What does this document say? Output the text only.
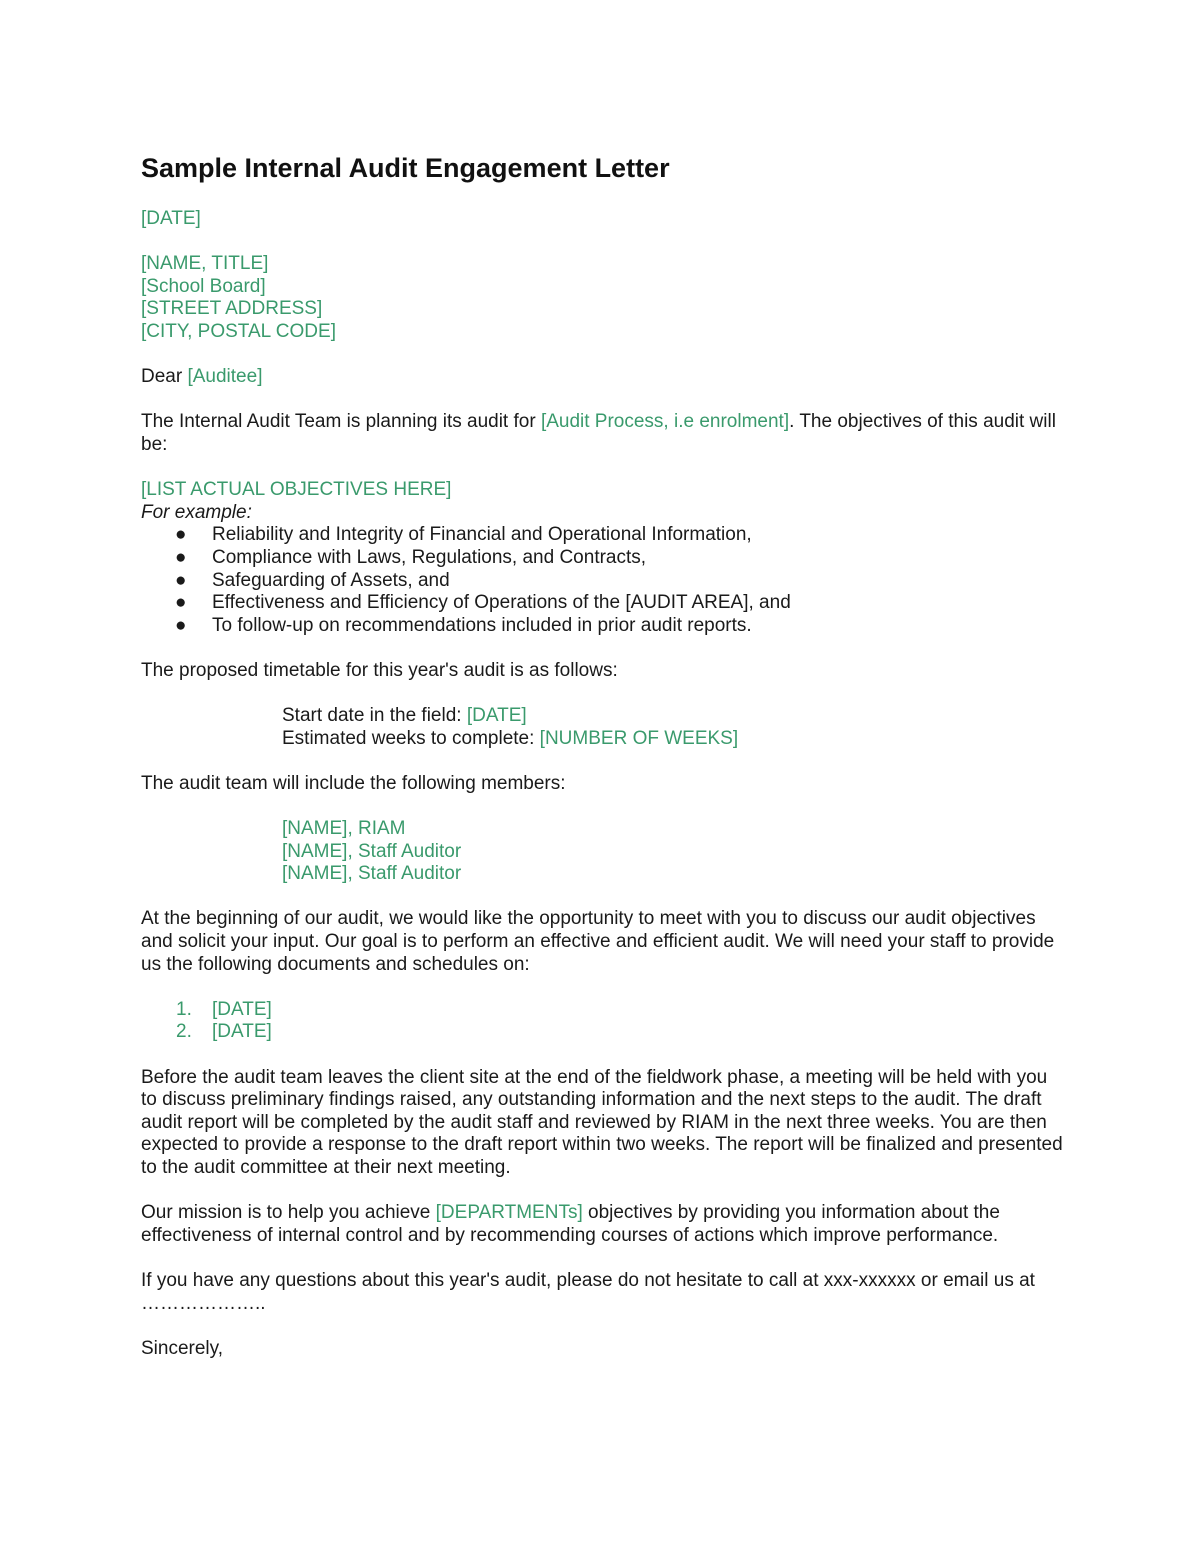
Sample Internal Audit Engagement Letter

[DATE]

[NAME, TITLE]

[School Board]

[STREET ADDRESS]

[CITY, POSTAL CODE]

Dear [Auditee]

The Internal Audit Team is planning its audit for [Audit Process, i.e enrolment]. The objectives of this audit will be:

[LIST ACTUAL OBJECTIVES HERE]

For example:

● Reliability and Integrity of Financial and Operational Information,
● Compliance with Laws, Regulations, and Contracts,
● Safeguarding of Assets, and
● Effectiveness and Efficiency of Operations of the [AUDIT AREA], and
● To follow-up on recommendations included in prior audit reports.

The proposed timetable for this year's audit is as follows:

Start date in the field: [DATE]

Estimated weeks to complete: [NUMBER OF WEEKS]

The audit team will include the following members:

[NAME], RIAM

[NAME], Staff Auditor

[NAME], Staff Auditor

At the beginning of our audit, we would like the opportunity to meet with you to discuss our audit objectives and solicit your input. Our goal is to perform an effective and efficient audit. We will need your staff to provide us the following documents and schedules on:

1. [DATE]
2. [DATE]

Before the audit team leaves the client site at the end of the fieldwork phase, a meeting will be held with you to discuss preliminary findings raised, any outstanding information and the next steps to the audit. The draft audit report will be completed by the audit staff and reviewed by RIAM in the next three weeks. You are then expected to provide a response to the draft report within two weeks. The report will be finalized and presented to the audit committee at their next meeting.

Our mission is to help you achieve [DEPARTMENTs] objectives by providing you information about the effectiveness of internal control and by recommending courses of actions which improve performance.

If you have any questions about this year's audit, please do not hesitate to call at xxx-xxxxxx or email us at ………………..

Sincerely,
